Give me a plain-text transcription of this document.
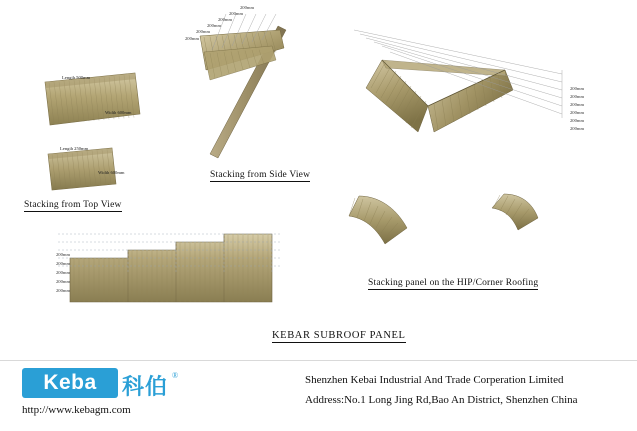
Length 500mm
Width 600mm
Length 250mm
Width 600mm
Stacking from Top View
200mm
200mm
200mm
200mm
200mm
200mm
Stacking from Side View
200mm
200mm
200mm
200mm
200mm
200mm
Stacking panel on the HIP/Corner Roofing
200mm
200mm
200mm
200mm
200mm
KEBAR SUBROOF PANEL
Keba	科伯 ®
http://www.kebagm.com
Shenzhen Kebai Industrial And Trade Corperation Limited
Address:No.1 Long Jing Rd,Bao An District, Shenzhen China
